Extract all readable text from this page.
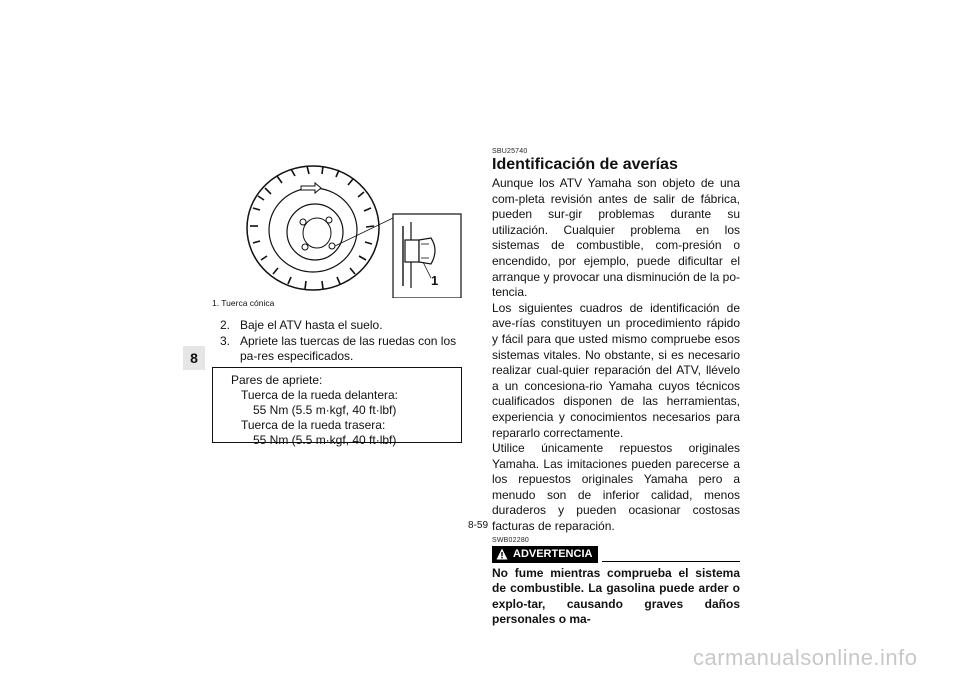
8
1
1. Tuerca cónica
2. Baje el ATV hasta el suelo.
3. Apriete las tuercas de las ruedas con los pa-res especificados.
Pares de apriete:
Tuerca de la rueda delantera:
55 Nm (5.5 m·kgf, 40 ft·lbf)
Tuerca de la rueda trasera:
55 Nm (5.5 m·kgf, 40 ft·lbf)
SBU25740
Identificación de averías

Aunque los ATV Yamaha son objeto de una com-pleta revisión antes de salir de fábrica, pueden sur-gir problemas durante su utilización. Cualquier problema en los sistemas de combustible, com-presión o encendido, por ejemplo, puede dificultar el arranque y provocar una disminución de la po-tencia.

Los siguientes cuadros de identificación de ave-rías constituyen un procedimiento rápido y fácil para que usted mismo compruebe esos sistemas vitales. No obstante, si es necesario realizar cual-quier reparación del ATV, llévelo a un concesiona-rio Yamaha cuyos técnicos cualificados disponen de las herramientas, experiencia y conocimientos necesarios para repararlo correctamente.

Utilice únicamente repuestos originales Yamaha. Las imitaciones pueden parecerse a los repuestos originales Yamaha pero a menudo son de inferior calidad, menos duraderos y pueden ocasionar costosas facturas de reparación.

SWB02280
ADVERTENCIA
No fume mientras comprueba el sistema de combustible. La gasolina puede arder o explo-tar, causando graves daños personales o ma-
8-59
carmanualsonline.info
